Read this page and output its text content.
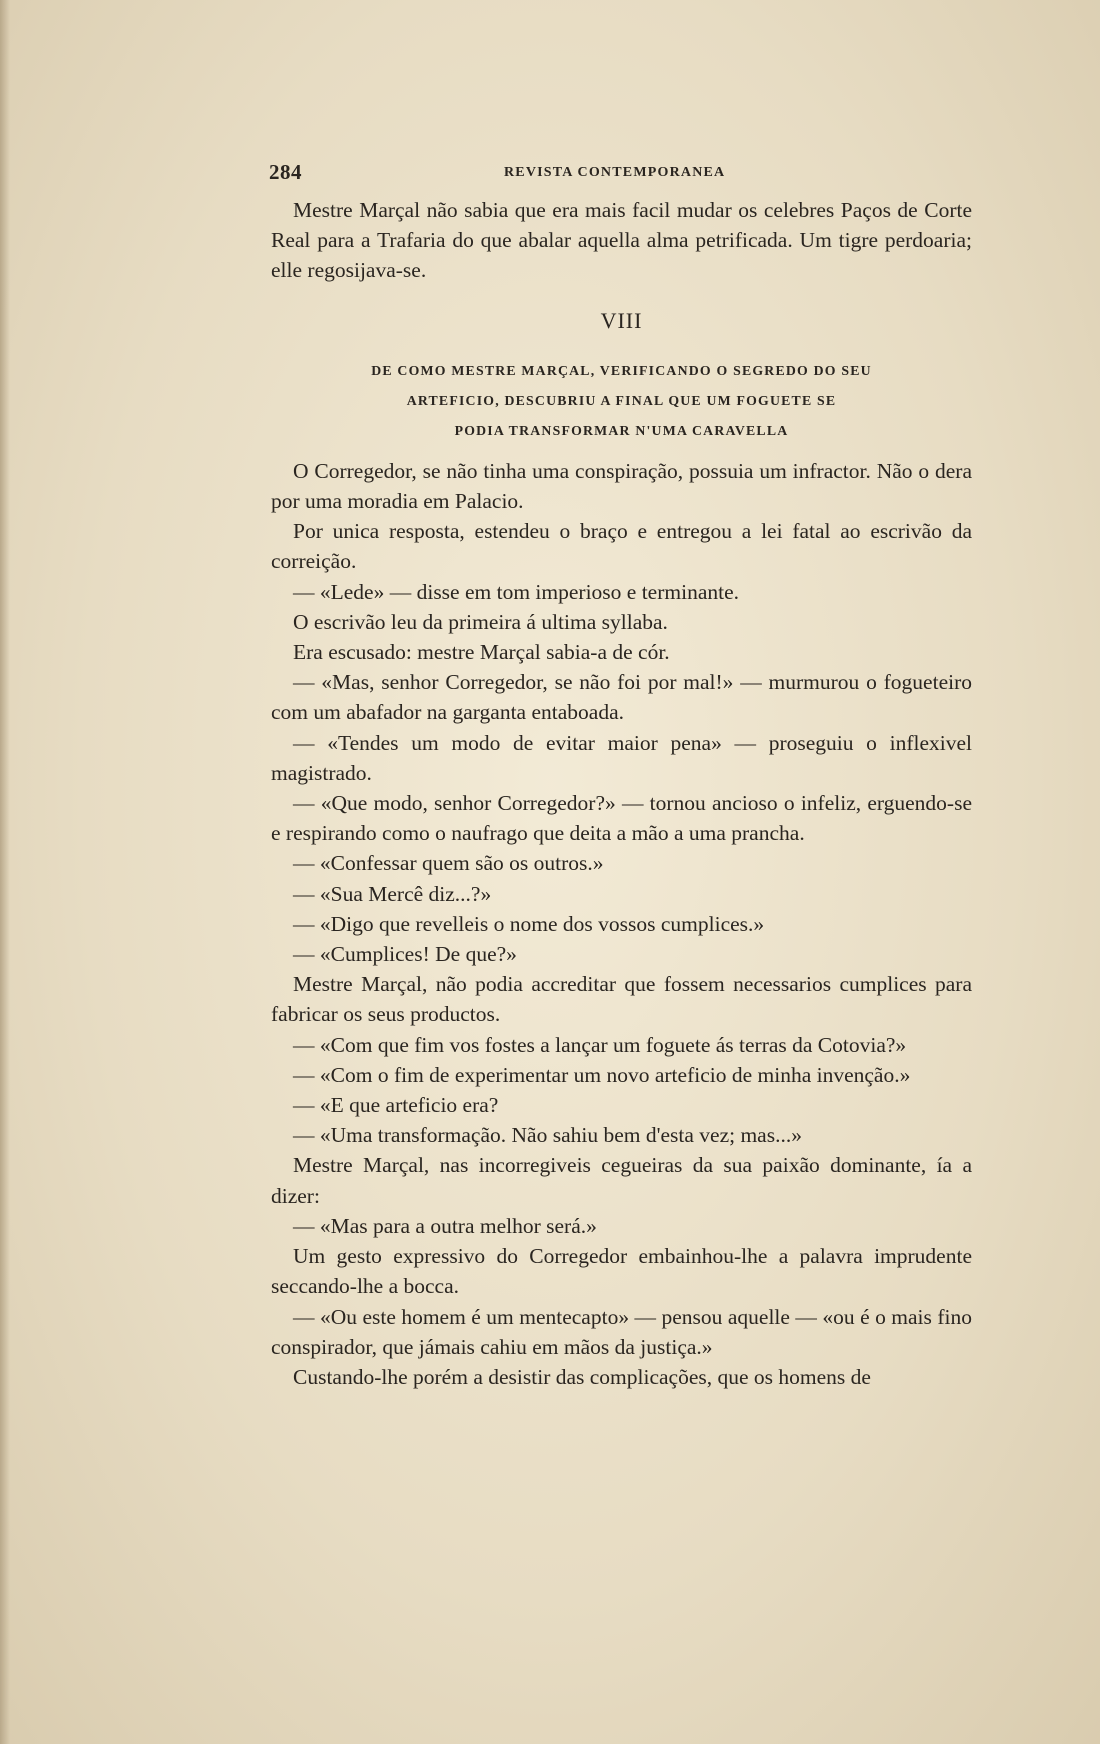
284	REVISTA CONTEMPORANEA

Mestre Marçal não sabia que era mais facil mudar os celebres Paços de Corte Real para a Trafaria do que abalar aquella alma petrificada. Um tigre perdoaria; elle regosijava-se.

VIII
DE COMO MESTRE MARÇAL, VERIFICANDO O SEGREDO DO SEU
ARTEFICIO, DESCUBRIU A FINAL QUE UM FOGUETE SE
PODIA TRANSFORMAR N'UMA CARAVELLA

O Corregedor, se não tinha uma conspiração, possuia um infractor. Não o dera por uma moradia em Palacio.

Por unica resposta, estendeu o braço e entregou a lei fatal ao escrivão da correição.

— «Lede» — disse em tom imperioso e terminante.

O escrivão leu da primeira á ultima syllaba.

Era escusado: mestre Marçal sabia-a de cór.

— «Mas, senhor Corregedor, se não foi por mal!» — murmurou o fogueteiro com um abafador na garganta entaboada.

— «Tendes um modo de evitar maior pena» — proseguiu o inflexivel magistrado.

— «Que modo, senhor Corregedor?» — tornou ancioso o infeliz, erguendo-se e respirando como o naufrago que deita a mão a uma prancha.

— «Confessar quem são os outros.»

— «Sua Mercê diz...?»

— «Digo que revelleis o nome dos vossos cumplices.»

— «Cumplices! De que?»

Mestre Marçal, não podia accreditar que fossem necessarios cumplices para fabricar os seus productos.

— «Com que fim vos fostes a lançar um foguete ás terras da Cotovia?»

— «Com o fim de experimentar um novo arteficio de minha invenção.»

— «E que arteficio era?

— «Uma transformação. Não sahiu bem d'esta vez; mas...»

Mestre Marçal, nas incorregiveis cegueiras da sua paixão dominante, ía a dizer:

— «Mas para a outra melhor será.»

Um gesto expressivo do Corregedor embainhou-lhe a palavra imprudente seccando-lhe a bocca.

— «Ou este homem é um mentecapto» — pensou aquelle — «ou é o mais fino conspirador, que jámais cahiu em mãos da justiça.»

Custando-lhe porém a desistir das complicações, que os homens de
